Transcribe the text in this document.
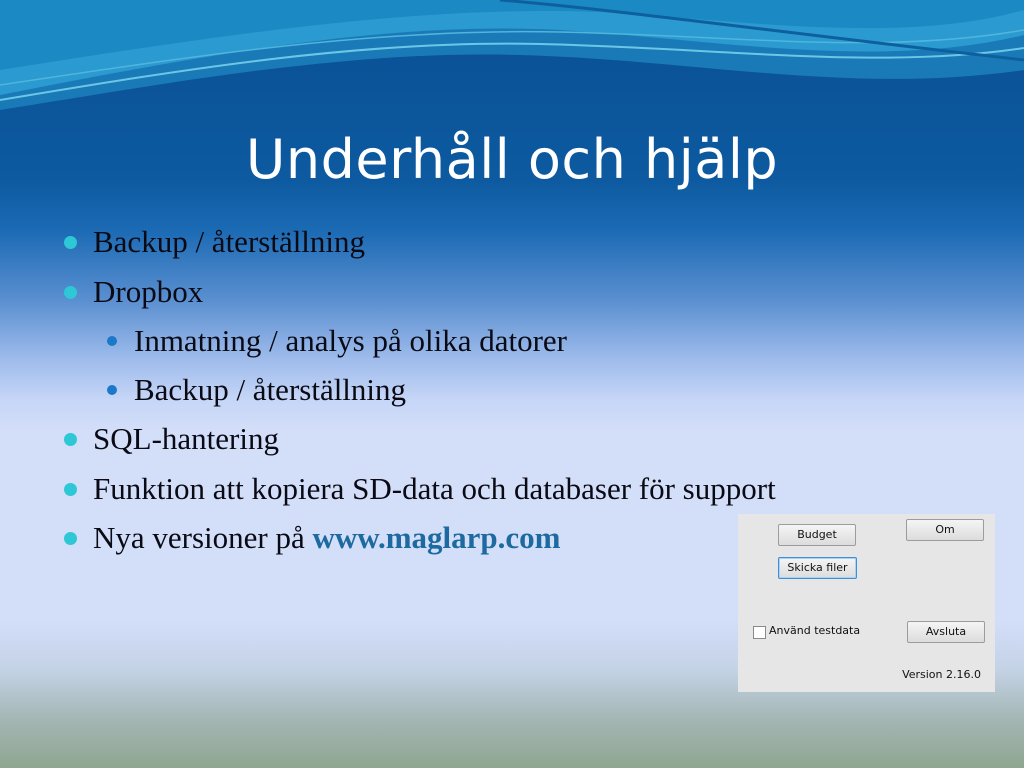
Underhåll och hjälp
Backup / återställning
Dropbox
Inmatning / analys på olika datorer
Backup / återställning
SQL-hantering
Funktion att kopiera SD-data och databaser för support
Nya versioner på www.maglarp.com	Budget	Om
Skicka filer
Använd testdata	Avsluta
Version 2.16.0
